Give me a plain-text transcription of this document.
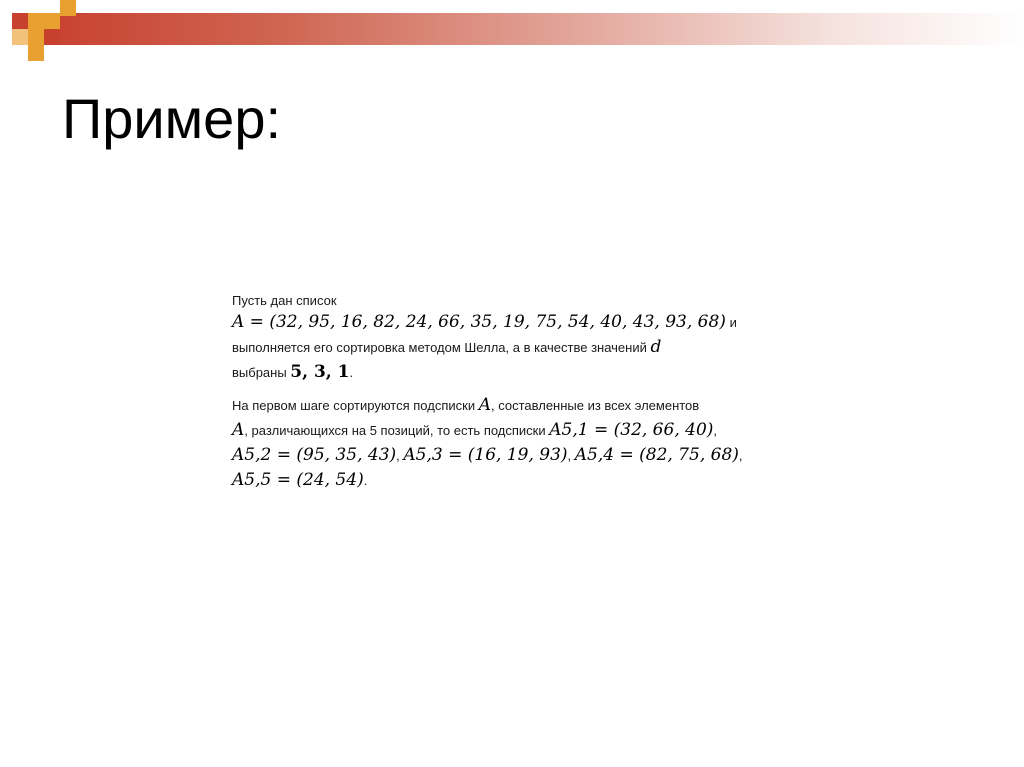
Пример:
Пусть дан список
A = (32, 95, 16, 82, 24, 66, 35, 19, 75, 54, 40, 43, 93, 68) и
выполняется его сортировка методом Шелла, а в качестве значений d
выбраны 5, 3, 1.
На первом шаге сортируются подсписки A, составленные из всех элементов
A, различающихся на 5 позиций, то есть подсписки A5,1 = (32, 66, 40),
A5,2 = (95, 35, 43), A5,3 = (16, 19, 93), A5,4 = (82, 75, 68),
A5,5 = (24, 54).
